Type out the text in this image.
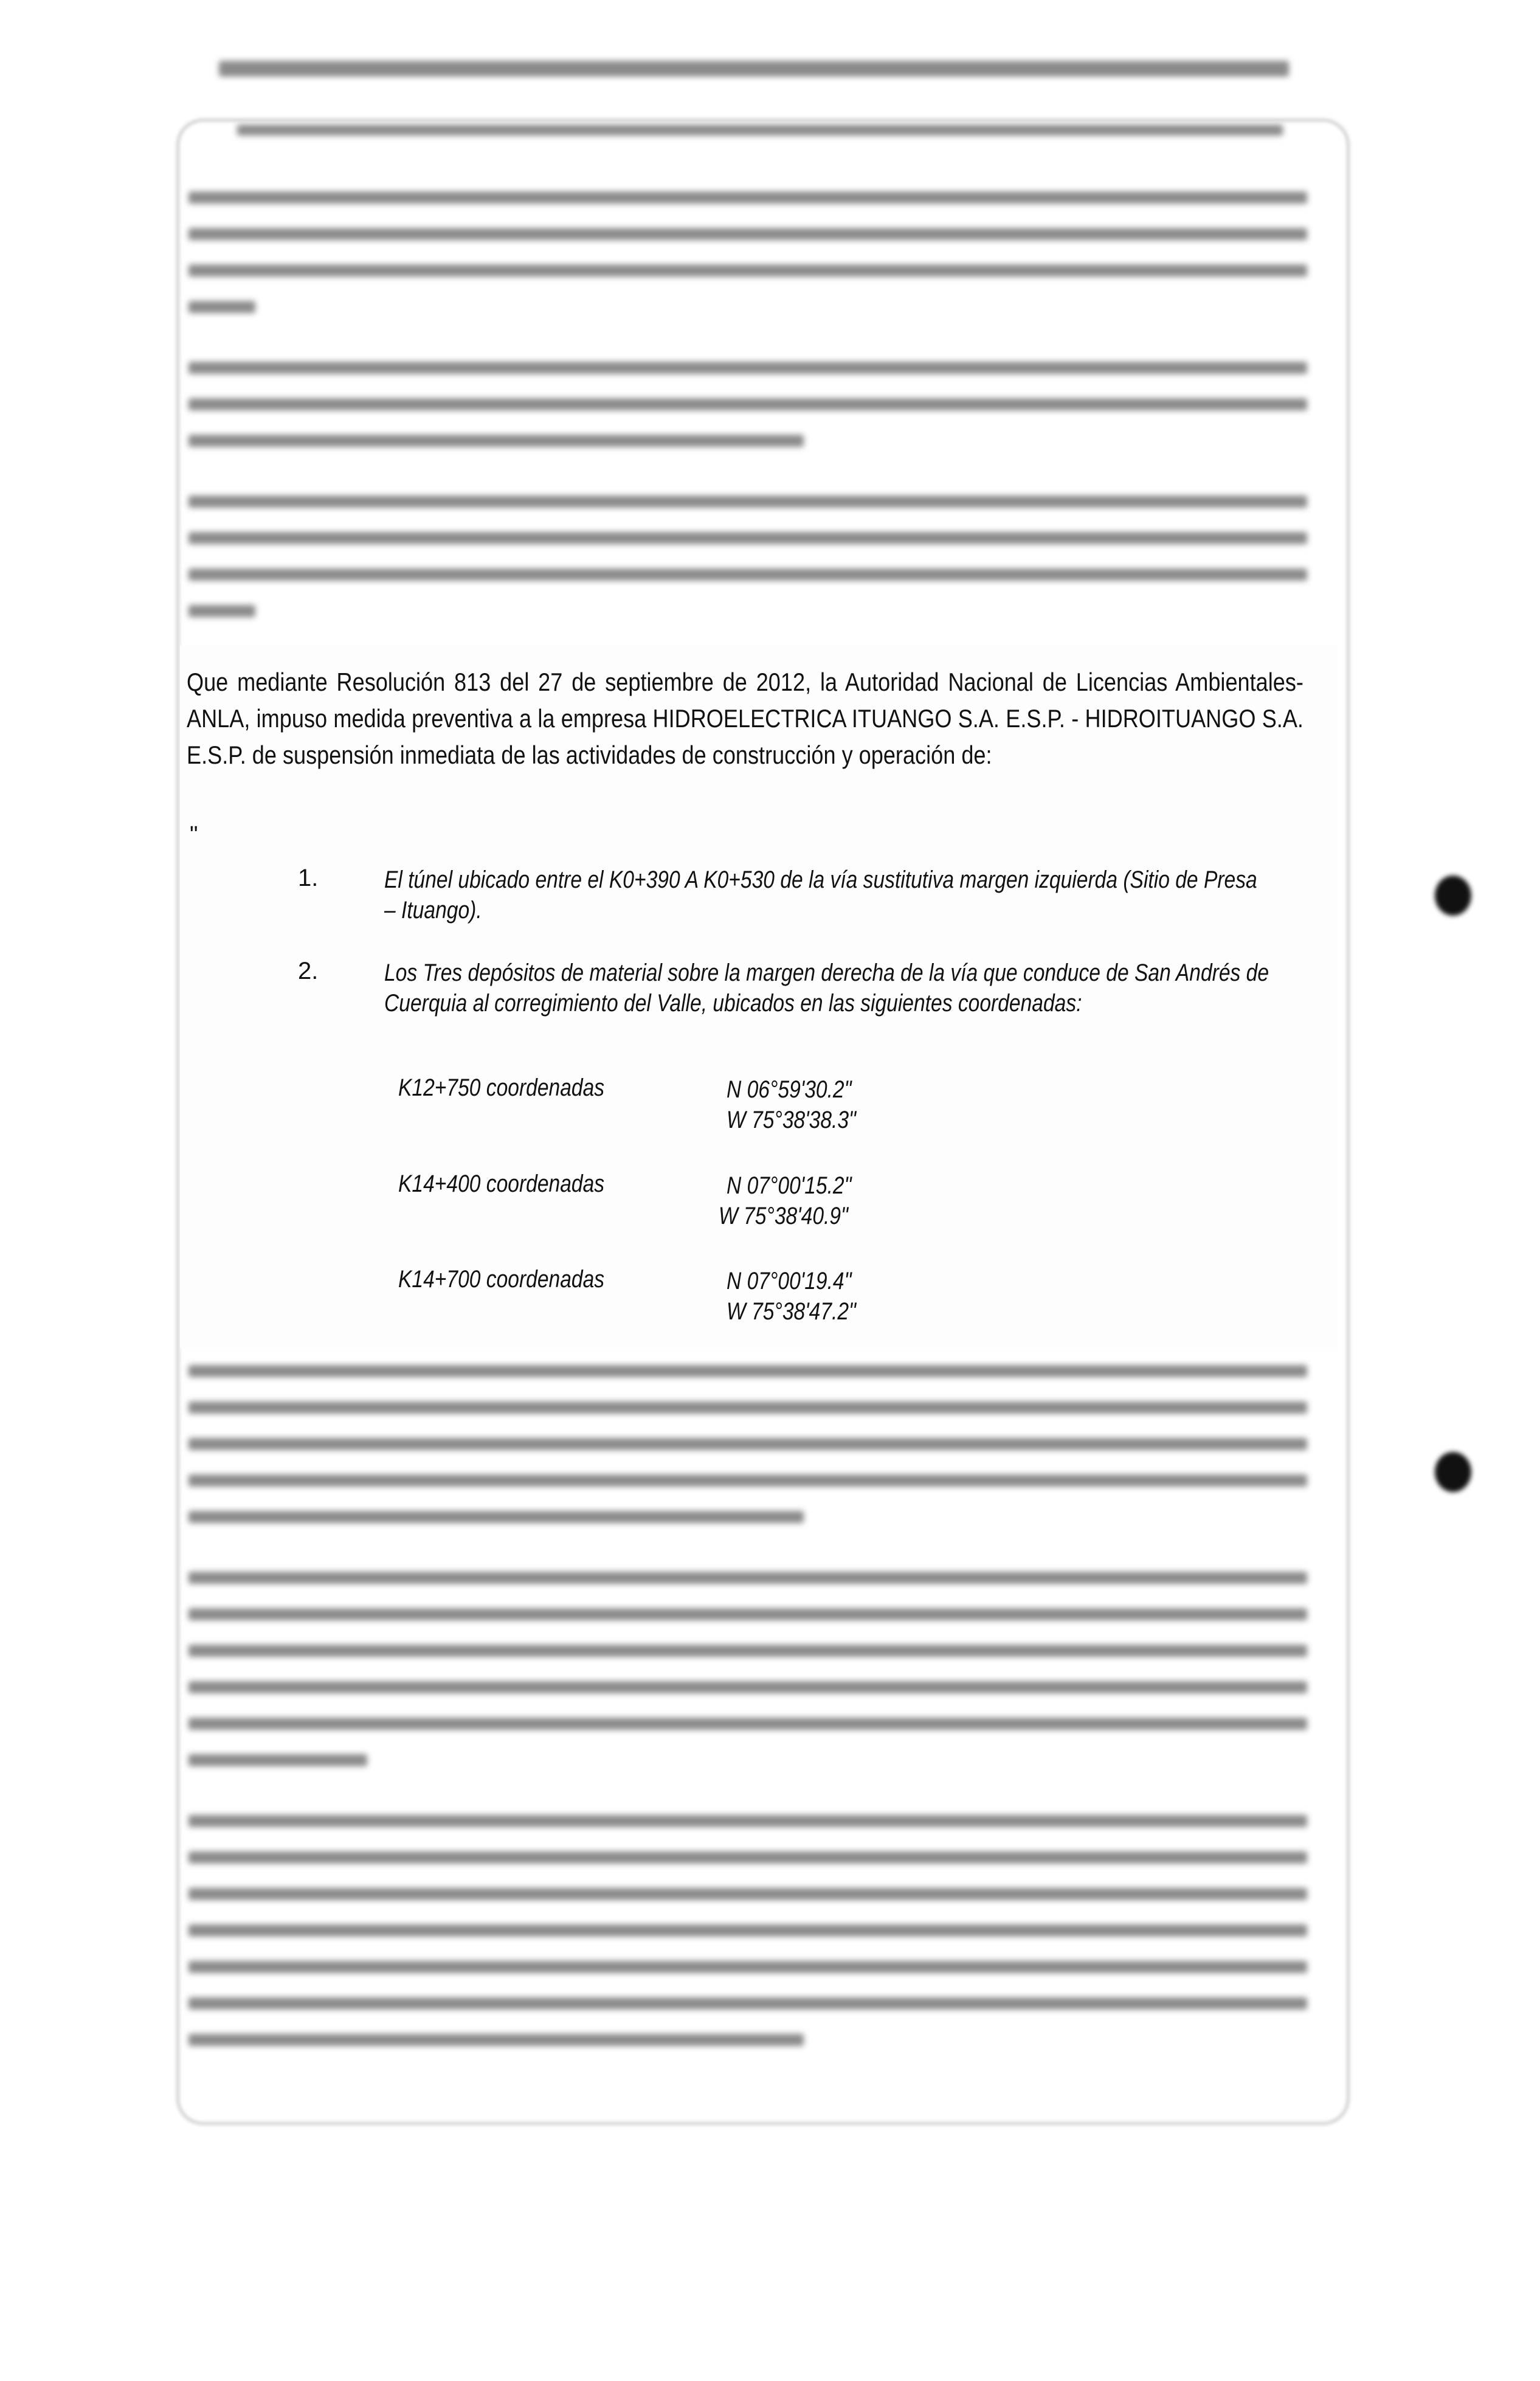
Que mediante Resolución 813 del 27 de septiembre de 2012, la Autoridad Nacional de Licencias Ambientales-ANLA, impuso medida preventiva a la empresa HIDROELECTRICA ITUANGO S.A. E.S.P. - HIDROITUANGO S.A. E.S.P. de suspensión inmediata de las actividades de construcción y operación de:
"
1.	El túnel ubicado entre el K0+390 A K0+530 de la vía sustitutiva margen izquierda (Sitio de Presa – Ituango).
2.	Los Tres depósitos de material sobre la margen derecha de la vía que conduce de San Andrés de Cuerquia al corregimiento del Valle, ubicados en las siguientes coordenadas:
K12+750 coordenadas	N 06°59'30.2"
W 75°38'38.3"
K14+400 coordenadas	N 07°00'15.2"
W 75°38'40.9"
K14+700 coordenadas	N 07°00'19.4"
W 75°38'47.2"
